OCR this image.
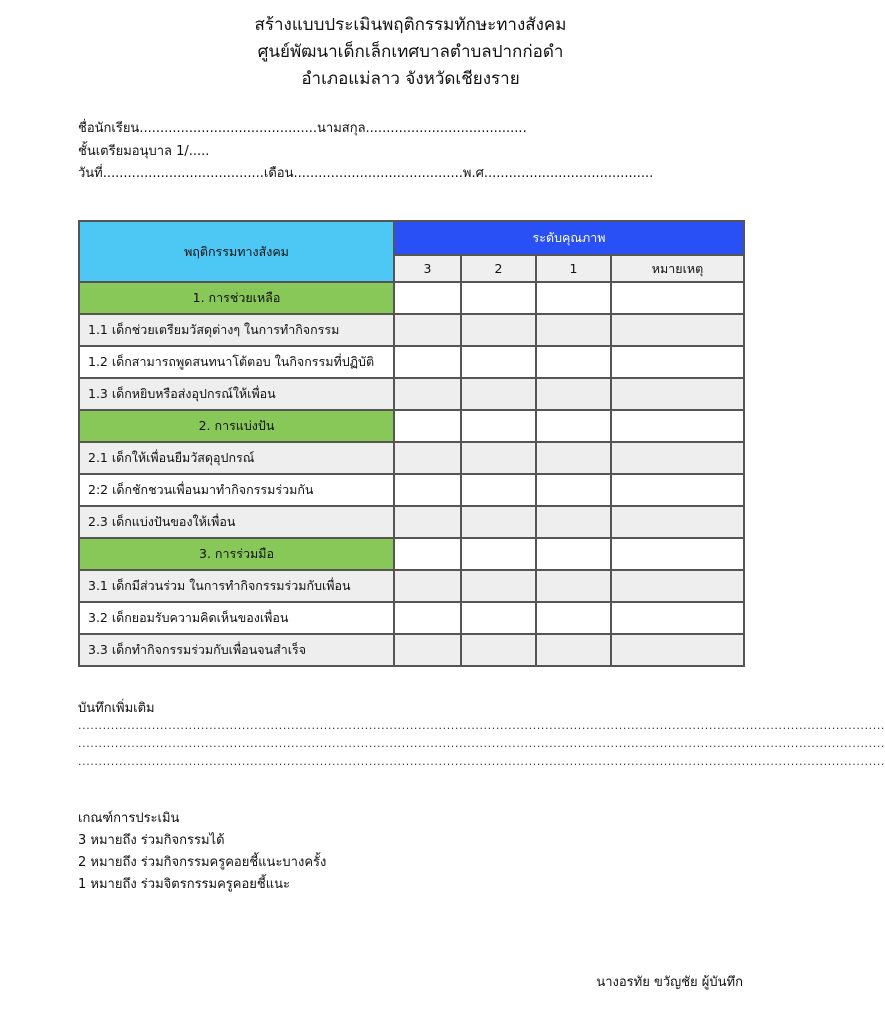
สร้างแบบประเมินพฤติกรรมทักษะทางสังคม
ศูนย์พัฒนาเด็กเล็กเทศบาลตำบลปากก่อดำ
อำเภอแม่ลาว จังหวัดเชียงราย
ชื่อนักเรียน...........................................นามสกุล.......................................
ชั้นเตรียมอนุบาล 1/.....
วันที่.......................................เดือน.........................................พ.ศ.........................................
พฤติกรรมทางสังคม	ระดับคุณภาพ			
	3	2	1	หมายเหตุ
1. การช่วยเหลือ				
1.1 เด็กช่วยเตรียมวัสดุต่างๆ ในการทำกิจกรรม				
1.2 เด็กสามารถพูดสนทนาโต้ตอบ ในกิจกรรมที่ปฏิบัติ				
1.3 เด็กหยิบหรือส่งอุปกรณ์ให้เพื่อน				
2. การแบ่งปัน				
2.1 เด็กให้เพื่อนยืมวัสดุอุปกรณ์				
2:2 เด็กชักชวนเพื่อนมาทำกิจกรรมร่วมกัน				
2.3 เด็กแบ่งปันของให้เพื่อน				
3. การร่วมมือ				
3.1 เด็กมีส่วนร่วม ในการทำกิจกรรมร่วมกับเพื่อน				
3.2 เด็กยอมรับความคิดเห็นของเพื่อน				
3.3 เด็กทำกิจกรรมร่วมกับเพื่อนจนสำเร็จ				
บันทึกเพิ่มเติม
.....................................................................................................................................................................................................
.....................................................................................................................................................................................................
.....................................................................................................................................................................................................
เกณฑ์การประเมิน
3 หมายถึง ร่วมกิจกรรมได้
2 หมายถึง ร่วมกิจกรรมครูคอยชี้แนะบางครั้ง
1 หมายถึง ร่วมจิตรกรรมครูคอยชี้แนะ
นางอรทัย ขวัญชัย ผู้บันทึก
